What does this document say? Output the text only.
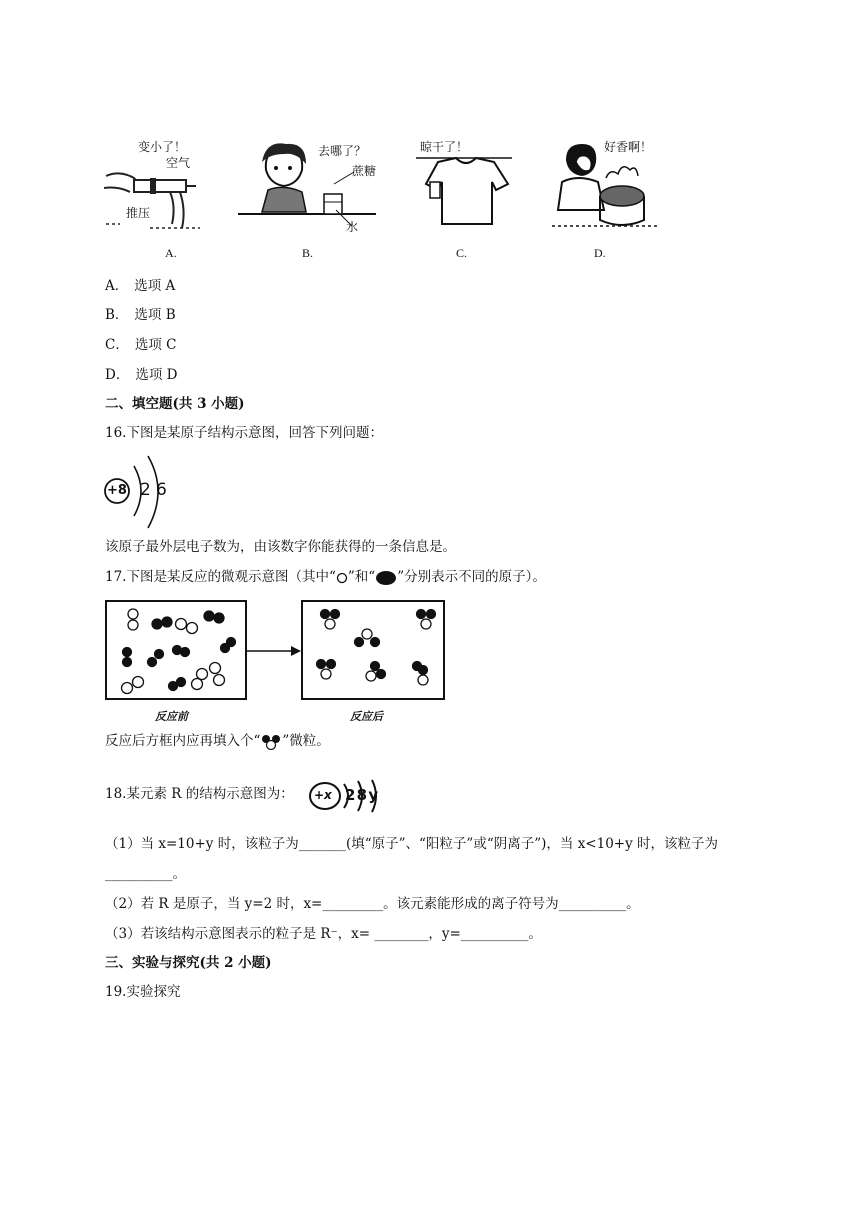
变小了！
空气
推压
A.
去哪了？
蔗糖
水
B.
晾干了！
C.
好香啊！
D.
A． 选项 A
B． 选项 B
C． 选项 C
D． 选项 D
二、填空题(共 3 小题)
16.下图是某原子结构示意图，回答下列问题：
+8 2 6
该原子最外层电子数为，由该数字你能获得的一条信息是。
17.下图是某反应的微观示意图（其中“ ”和“ ”分别表示不同的原子）。
反应前	反应后
反应后方框内应再填入个“ ”微粒。
18.某元素 R 的结构示意图为： +x 2 8 y
（1）当 x=10+y 时，该粒子为_______(填“原子”、“阳粒子”或“阴离子”)，当 x<10+y 时，该粒子为
__________。
（2）若 R 是原子，当 y=2 时，x=_________。该元素能形成的离子符号为__________。
（3）若该结构示意图表示的粒子是 R⁻，x= ________，y=__________。
三、实验与探究(共 2 小题)
19.实验探究
